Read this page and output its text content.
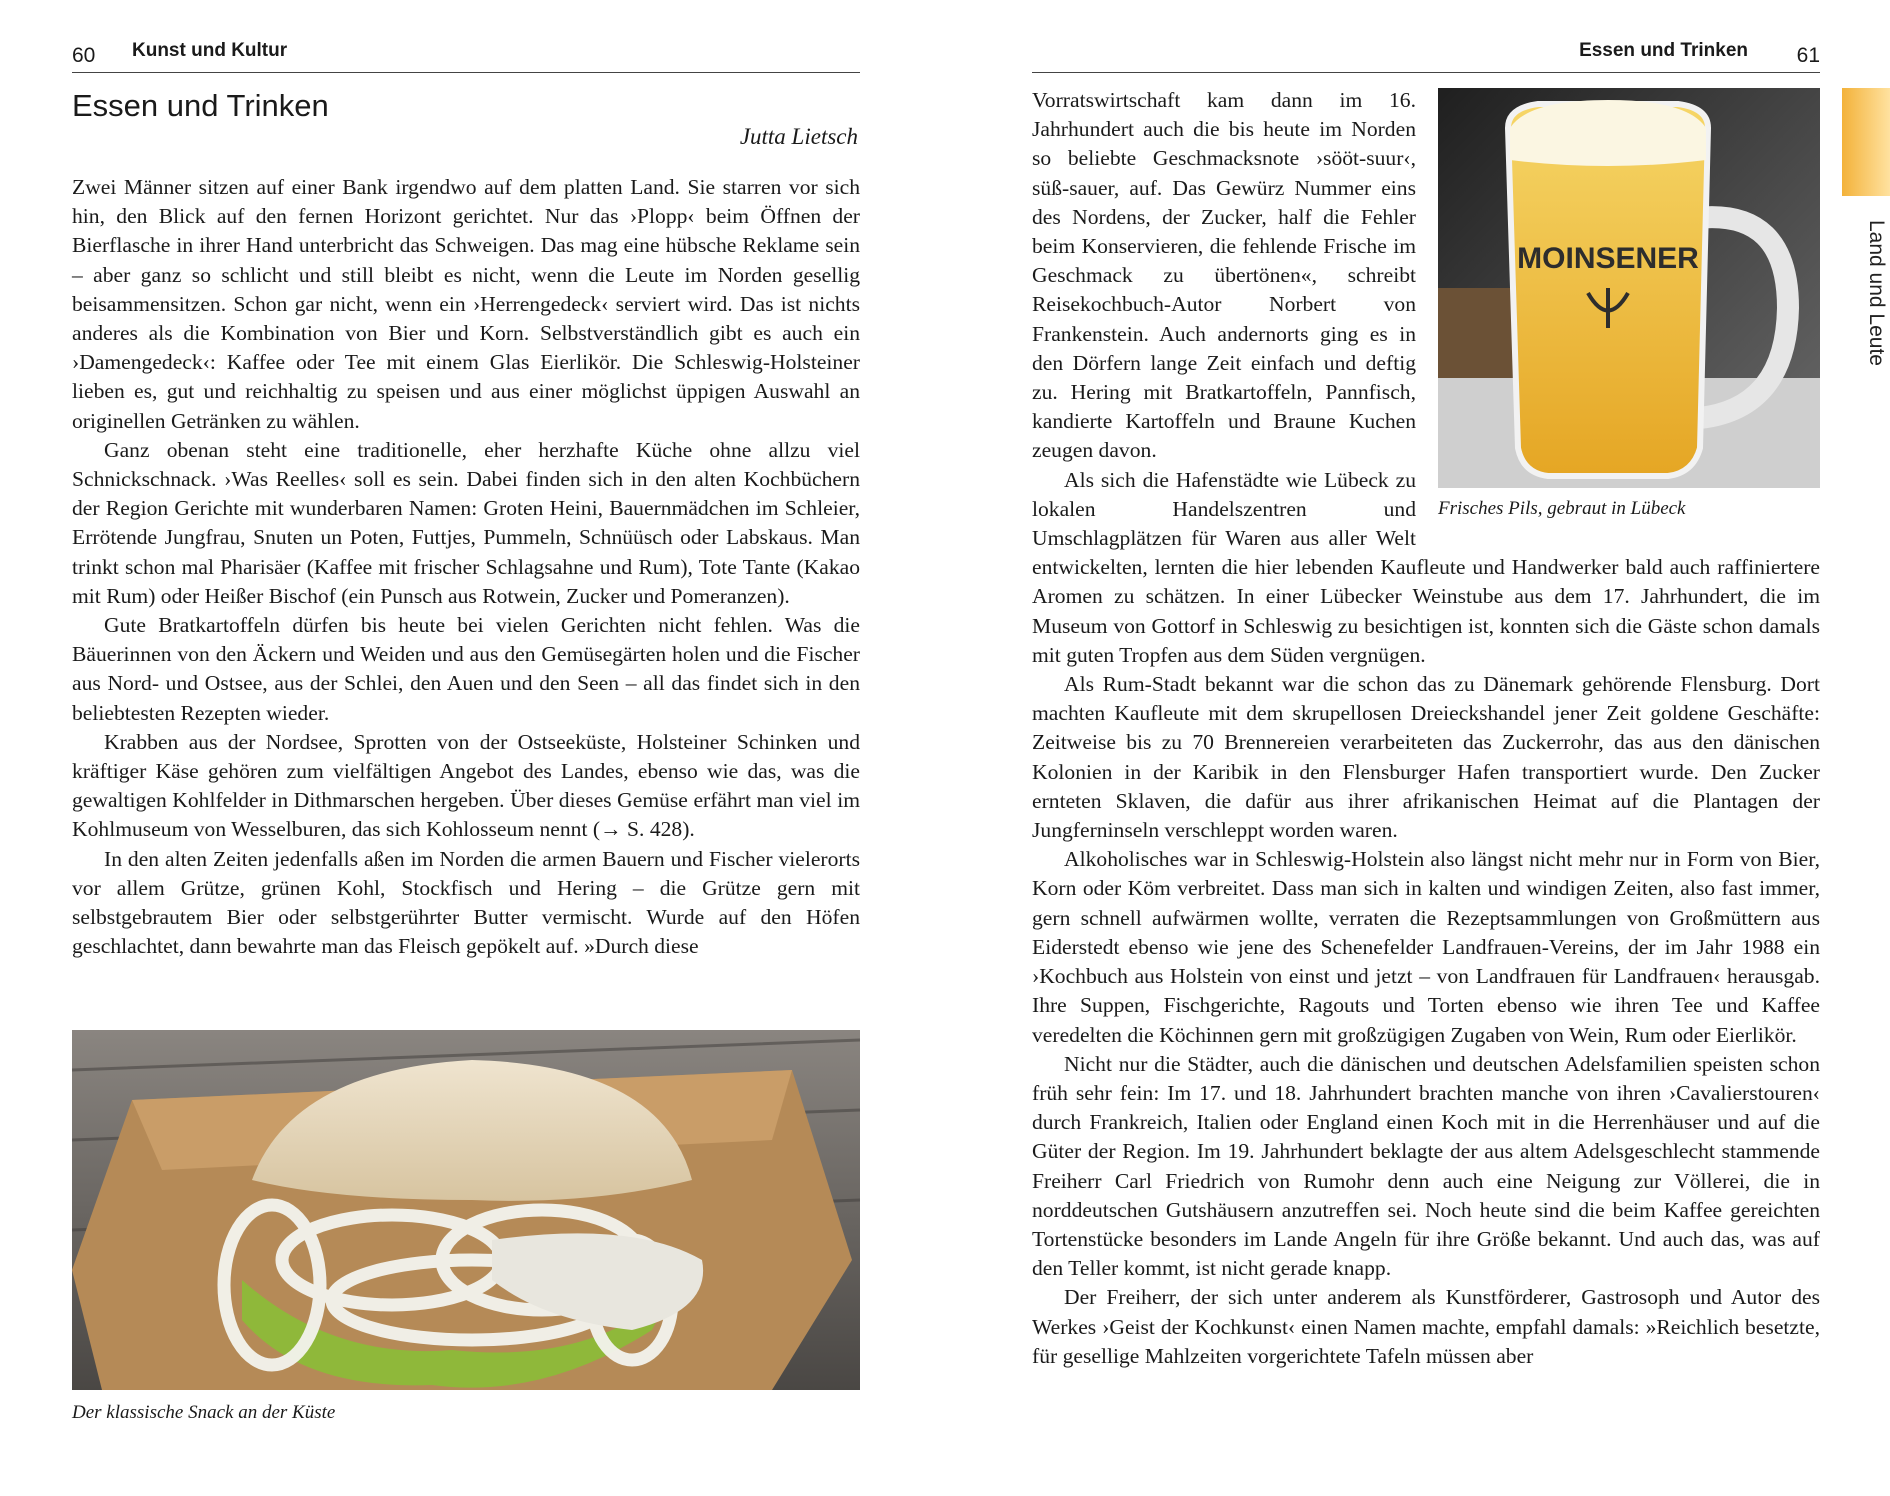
60 Kunst und Kultur	Essen und Trinken 61
Land und Leute
Essen und Trinken
Jutta Lietsch

Zwei Männer sitzen auf einer Bank irgendwo auf dem platten Land. Sie starren vor sich hin, den Blick auf den fernen Horizont gerichtet. Nur das ›Plopp‹ beim Öffnen der Bierflasche in ihrer Hand unterbricht das Schweigen. Das mag eine hübsche Reklame sein – aber ganz so schlicht und still bleibt es nicht, wenn die Leute im Norden gesellig beisammensitzen. Schon gar nicht, wenn ein ›Herrengedeck‹ serviert wird. Das ist nichts anderes als die Kombination von Bier und Korn. Selbstverständlich gibt es auch ein ›Damengedeck‹: Kaffee oder Tee mit einem Glas Eierlikör. Die Schleswig-Holsteiner lieben es, gut und reichhaltig zu speisen und aus einer möglichst üppigen Auswahl an originellen Getränken zu wählen.

Ganz obenan steht eine traditionelle, eher herzhafte Küche ohne allzu viel Schnickschnack. ›Was Reelles‹ soll es sein. Dabei finden sich in den alten Kochbüchern der Region Gerichte mit wunderbaren Namen: Groten Heini, Bauernmädchen im Schleier, Errötende Jungfrau, Snuten un Poten, Futtjes, Pummeln, Schnüüsch oder Labskaus. Man trinkt schon mal Pharisäer (Kaffee mit frischer Schlagsahne und Rum), Tote Tante (Kakao mit Rum) oder Heißer Bischof (ein Punsch aus Rotwein, Zucker und Pomeranzen).

Gute Bratkartoffeln dürfen bis heute bei vielen Gerichten nicht fehlen. Was die Bäuerinnen von den Äckern und Weiden und aus den Gemüsegärten holen und die Fischer aus Nord- und Ostsee, aus der Schlei, den Auen und den Seen – all das findet sich in den beliebtesten Rezepten wieder.

Krabben aus der Nordsee, Sprotten von der Ostseeküste, Holsteiner Schinken und kräftiger Käse gehören zum vielfältigen Angebot des Landes, ebenso wie das, was die gewaltigen Kohlfelder in Dithmarschen hergeben. Über dieses Gemüse erfährt man viel im Kohlmuseum von Wesselburen, das sich Kohlosseum nennt (→ S. 428).

In den alten Zeiten jedenfalls aßen im Norden die armen Bauern und Fischer vielerorts vor allem Grütze, grünen Kohl, Stockfisch und Hering – die Grütze gern mit selbstgebrautem Bier oder selbstgerührter Butter vermischt. Wurde auf den Höfen geschlachtet, dann bewahrte man das Fleisch gepökelt auf. »Durch diese

Der klassische Snack an der Küste

Vorratswirtschaft kam dann im 16. Jahrhundert auch die bis heute im Norden so beliebte Geschmacksnote ›sööt-suur‹, süß-sauer, auf. Das Gewürz Nummer eins des Nordens, der Zucker, half die Fehler beim Konservieren, die fehlende Frische im Geschmack zu übertönen«, schreibt Reisekochbuch-Autor Norbert von Frankenstein. Auch andernorts ging es in den Dörfern lange Zeit einfach und deftig zu. Hering mit Bratkartoffeln, Pannfisch, kandierte Kartoffeln und Braune Kuchen zeugen davon.

Als sich die Hafenstädte wie Lübeck zu lokalen Handelszentren und Umschlagplätzen für Waren aus aller Welt entwickelten, lernten die hier lebenden Kaufleute und Handwerker bald auch raffiniertere Aromen zu schätzen. In einer Lübecker Weinstube aus dem 17. Jahrhundert, die im Museum von Gottorf in Schleswig zu besichtigen ist, konnten sich die Gäste schon damals mit guten Tropfen aus dem Süden vergnügen.

Als Rum-Stadt bekannt war die schon das zu Dänemark gehörende Flensburg. Dort machten Kaufleute mit dem skrupellosen Dreieckshandel jener Zeit goldene Geschäfte: Zeitweise bis zu 70 Brennereien verarbeiteten das Zuckerrohr, das aus den dänischen Kolonien in der Karibik in den Flensburger Hafen transportiert wurde. Den Zucker ernteten Sklaven, die dafür aus ihrer afrikanischen Heimat auf die Plantagen der Jungferninseln verschleppt worden waren.

Alkoholisches war in Schleswig-Holstein also längst nicht mehr nur in Form von Bier, Korn oder Köm verbreitet. Dass man sich in kalten und windigen Zeiten, also fast immer, gern schnell aufwärmen wollte, verraten die Rezeptsammlungen von Großmüttern aus Eiderstedt ebenso wie jene des Schenefelder Landfrauen-Vereins, der im Jahr 1988 ein ›Kochbuch aus Holstein von einst und jetzt – von Landfrauen für Landfrauen‹ herausgab. Ihre Suppen, Fischgerichte, Ragouts und Torten ebenso wie ihren Tee und Kaffee veredelten die Köchinnen gern mit großzügigen Zugaben von Wein, Rum oder Eierlikör.

Nicht nur die Städter, auch die dänischen und deutschen Adelsfamilien speisten schon früh sehr fein: Im 17. und 18. Jahrhundert brachten manche von ihren ›Cavalierstouren‹ durch Frankreich, Italien oder England einen Koch mit in die Herrenhäuser und auf die Güter der Region. Im 19. Jahrhundert beklagte der aus altem Adelsgeschlecht stammende Freiherr Carl Friedrich von Rumohr denn auch eine Neigung zur Völlerei, die in norddeutschen Gutshäusern anzutreffen sei. Noch heute sind die beim Kaffee gereichten Tortenstücke besonders im Lande Angeln für ihre Größe bekannt. Und auch das, was auf den Teller kommt, ist nicht gerade knapp.

Der Freiherr, der sich unter anderem als Kunstförderer, Gastrosoph und Autor des Werkes ›Geist der Kochkunst‹ einen Namen machte, empfahl damals: »Reichlich besetzte, für gesellige Mahlzeiten vorgerichtete Tafeln müssen aber

MOINSENER
Frisches Pils, gebraut in Lübeck
